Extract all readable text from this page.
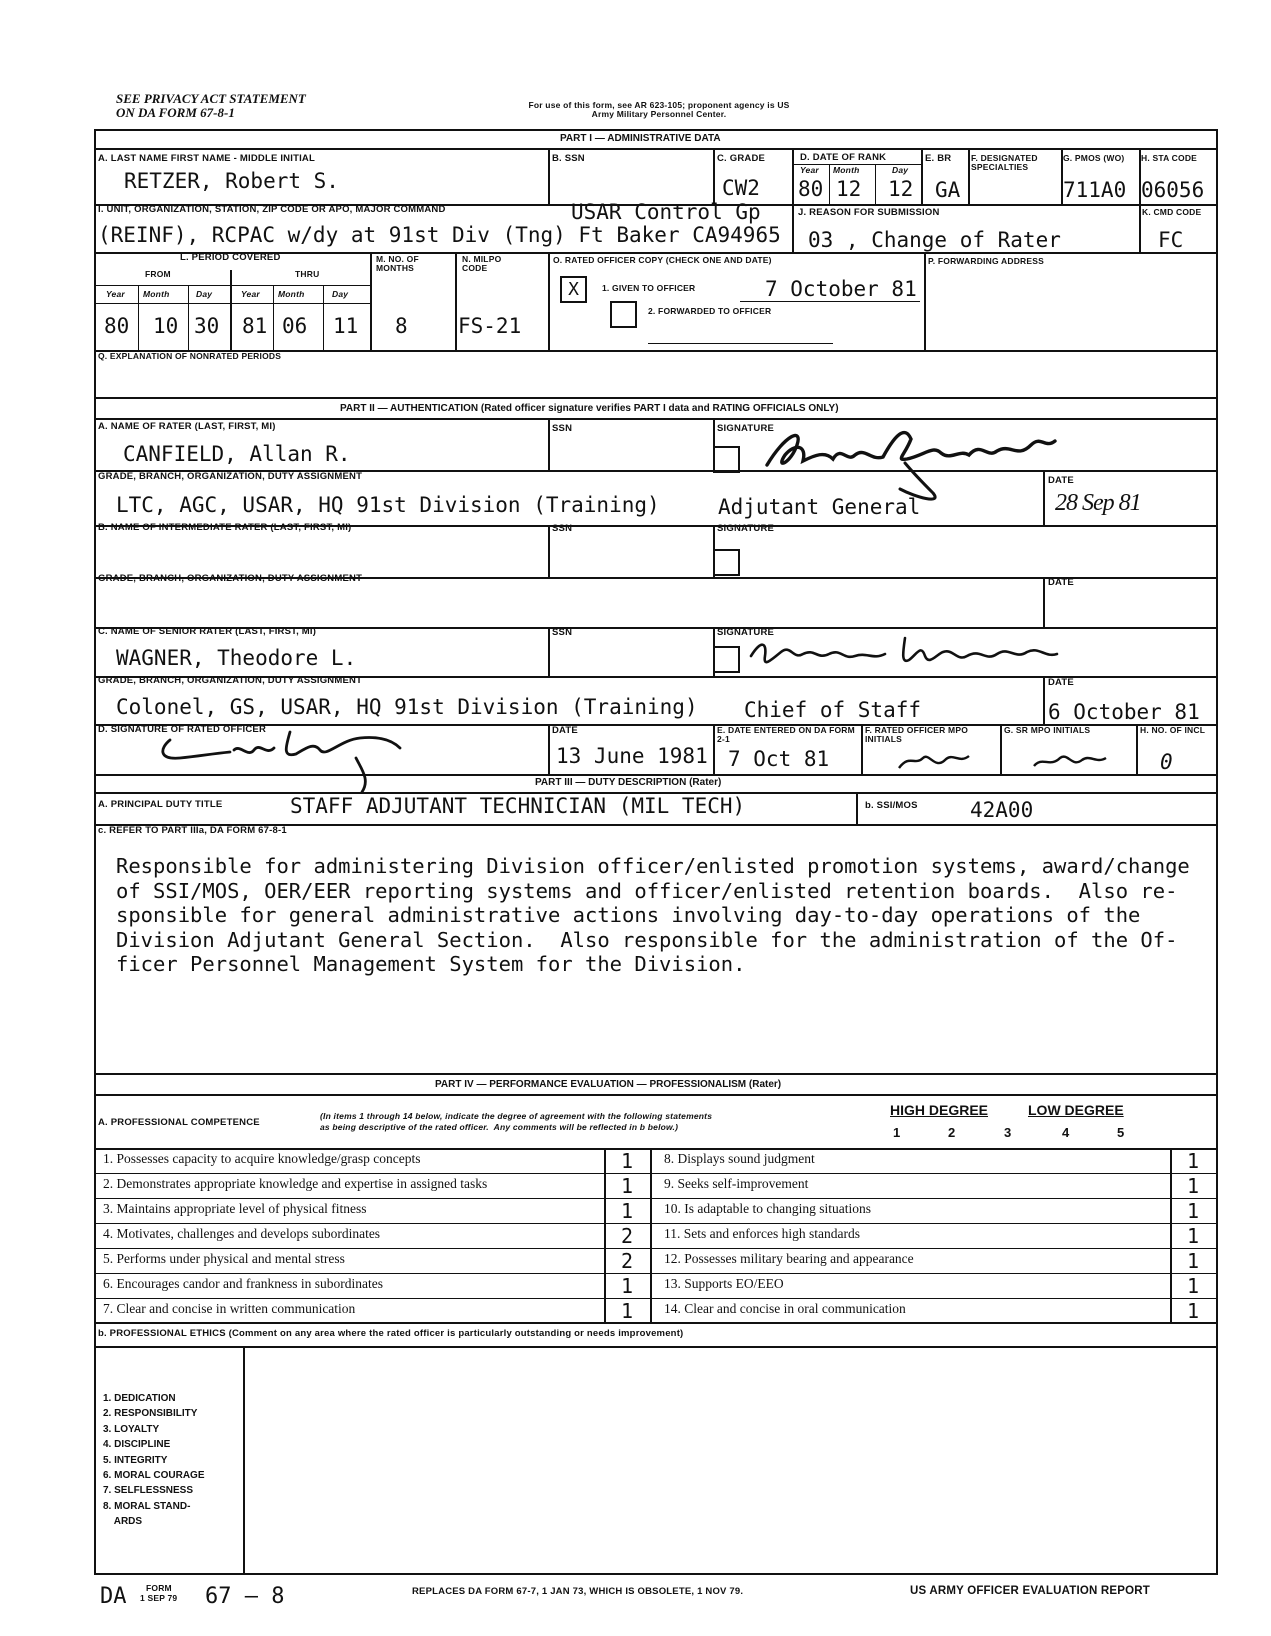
SEE PRIVACY ACT STATEMENT
ON DA FORM 67-8-1	For use of this form, see AR 623-105; proponent agency is US Army Military Personnel Center.
PART I — ADMINISTRATIVE DATA
A. LAST NAME FIRST NAME - MIDDLE INITIAL
RETZER, Robert S.
B. SSN	C. GRADE
CW2
D. DATE OF RANK
Year Month	Day
80 12 12
E. BR
GA
F. DESIGNATED SPECIALTIES
G. PMOS (WO)
711A0
H. STA CODE
06056
I. UNIT, ORGANIZATION, STATION, ZIP CODE OR APO, MAJOR COMMAND	USAR Control Gp
(REINF), RCPAC w/dy at 91st Div (Tng) Ft Baker CA94965
J. REASON FOR SUBMISSION
03 , Change of Rater
K. CMD CODE
FC
L. PERIOD COVERED
FROM	THRU
Year Month	Day	Year Month	Day
80 10 30 81 06 11
M. NO. OF MONTHS
8
N. MILPO CODE
FS-21
O. RATED OFFICER COPY (CHECK ONE AND DATE)
X	1. GIVEN TO OFFICER	7 October 81
2. FORWARDED TO OFFICER
P. FORWARDING ADDRESS
Q. EXPLANATION OF NONRATED PERIODS
PART II — AUTHENTICATION (Rated officer signature verifies PART I data and RATING OFFICIALS ONLY)
A. NAME OF RATER (LAST, FIRST, MI)
CANFIELD, Allan R.
SSN	SIGNATURE
GRADE, BRANCH, ORGANIZATION, DUTY ASSIGNMENT
LTC, AGC, USAR, HQ 91st Division (Training)	Adjutant General
DATE
28 Sep 81
B. NAME OF INTERMEDIATE RATER (LAST, FIRST, MI)	SSN	SIGNATURE
GRADE, BRANCH, ORGANIZATION, DUTY ASSIGNMENT	DATE
C. NAME OF SENIOR RATER (LAST, FIRST, MI)
WAGNER, Theodore L.
SSN	SIGNATURE
GRADE, BRANCH, ORGANIZATION, DUTY ASSIGNMENT
Colonel, GS, USAR, HQ 91st Division (Training) Chief of Staff
DATE
6 October 81
D. SIGNATURE OF RATED OFFICER	DATE
13 June 1981
E. DATE ENTERED ON DA FORM 2-1
7 Oct 81
F. RATED OFFICER MPO INITIALS
G. SR MPO INITIALS	H. NO. OF INCL
0
PART III — DUTY DESCRIPTION (Rater)
A. PRINCIPAL DUTY TITLE	STAFF ADJUTANT TECHNICIAN (MIL TECH)	b. SSI/MOS 42A00
c. REFER TO PART IIIa, DA FORM 67-8-1
Responsible for administering Division officer/enlisted promotion systems, award/change
of SSI/MOS, OER/EER reporting systems and officer/enlisted retention boards.  Also re-
sponsible for general administrative actions involving day-to-day operations of the
Division Adjutant General Section.  Also responsible for the administration of the Of-
ficer Personnel Management System for the Division.
PART IV — PERFORMANCE EVALUATION — PROFESSIONALISM (Rater)
A. PROFESSIONAL COMPETENCE
(In items 1 through 14 below, indicate the degree of agreement with the following statements
as being descriptive of the rated officer.  Any comments will be reflected in b below.)
HIGH DEGREE	LOW DEGREE
1	2	3	4	5
1. Possesses capacity to acquire knowledge/grasp concepts	1	8. Displays sound judgment	1
2. Demonstrates appropriate knowledge and expertise in assigned tasks	1	9. Seeks self-improvement	1
3. Maintains appropriate level of physical fitness	1	10. Is adaptable to changing situations	1
4. Motivates, challenges and develops subordinates	2	11. Sets and enforces high standards	1
5. Performs under physical and mental stress	2	12. Possesses military bearing and appearance	1
6. Encourages candor and frankness in subordinates	1	13. Supports EO/EEO	1
7. Clear and concise in written communication	1	14. Clear and concise in oral communication	1
b. PROFESSIONAL ETHICS (Comment on any area where the rated officer is particularly outstanding or needs improvement)
1. DEDICATION
2. RESPONSIBILITY
3. LOYALTY
4. DISCIPLINE
5. INTEGRITY
6. MORAL COURAGE
7. SELFLESSNESS
8. MORAL STAND-
ARDS
DA FORM
1 SEP 79 67 — 8	REPLACES DA FORM 67-7, 1 JAN 73, WHICH IS OBSOLETE, 1 NOV 79.	US ARMY OFFICER EVALUATION REPORT
